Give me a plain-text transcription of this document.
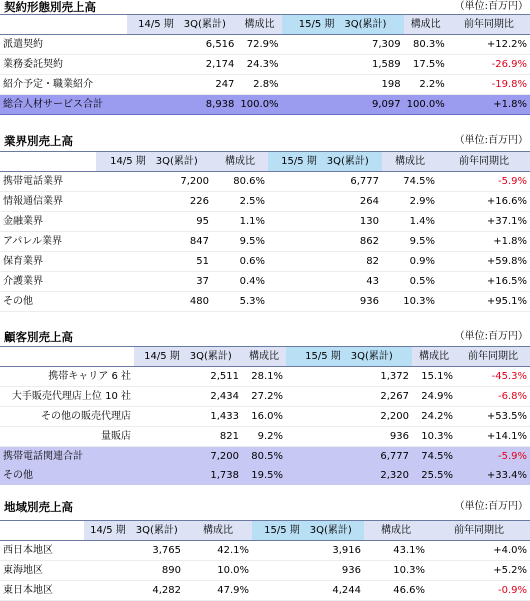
契約形態別売上高	（単位:百万円）
	14/5 期　3Q(累計)	構成比	15/5 期　3Q(累計)	構成比	前年同期比
派遣契約	6,516	72.9%	7,309	80.3%	+12.2%
業務委託契約	2,174	24.3%	1,589	17.5%	-26.9%
紹介予定・職業紹介	247	2.8%	198	2.2%	-19.8%
総合人材サービス合計	8,938	100.0%	9,097	100.0%	+1.8%
業界別売上高	（単位:百万円）
	14/5 期　3Q(累計)	構成比	15/5 期　3Q(累計)	構成比	前年同期比
携帯電話業界	7,200	80.6%	6,777	74.5%	-5.9%
情報通信業界	226	2.5%	264	2.9%	+16.6%
金融業界	95	1.1%	130	1.4%	+37.1%
アパレル業界	847	9.5%	862	9.5%	+1.8%
保育業界	51	0.6%	82	0.9%	+59.8%
介護業界	37	0.4%	43	0.5%	+16.5%
その他	480	5.3%	936	10.3%	+95.1%
顧客別売上高	（単位:百万円）
	14/5 期　3Q(累計)	構成比	15/5 期　3Q(累計)	構成比	前年同期比
携帯キャリア 6 社	2,511	28.1%	1,372	15.1%	-45.3%
大手販売代理店上位 10 社	2,434	27.2%	2,267	24.9%	-6.8%
その他の販売代理店	1,433	16.0%	2,200	24.2%	+53.5%
量販店	821	9.2%	936	10.3%	+14.1%
携帯電話関連合計	7,200	80.5%	6,777	74.5%	-5.9%
その他	1,738	19.5%	2,320	25.5%	+33.4%
地域別売上高	（単位:百万円）
	14/5 期　3Q(累計)	構成比	15/5 期　3Q(累計)	構成比	前年同期比
西日本地区	3,765	42.1%	3,916	43.1%	+4.0%
東海地区	890	10.0%	936	10.3%	+5.2%
東日本地区	4,282	47.9%	4,244	46.6%	-0.9%
